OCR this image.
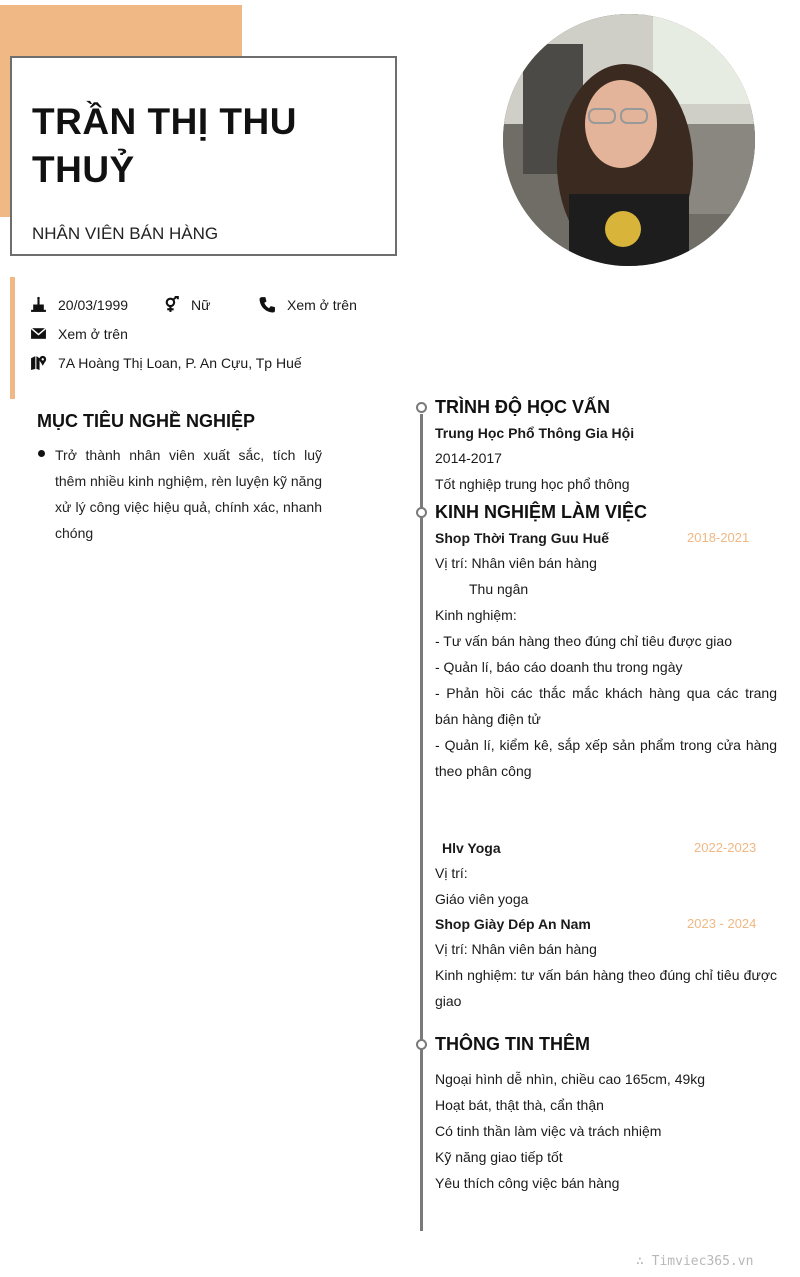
TRẦN THỊ THU THUỶ
NHÂN VIÊN BÁN HÀNG
20/03/1999	Nữ	Xem ở trên
Xem ở trên
7A Hoàng Thị Loan, P. An Cựu, Tp Huế
MỤC TIÊU NGHỀ NGHIỆP
Trở thành nhân viên xuất sắc, tích luỹ thêm nhiều kinh nghiệm, rèn luyện kỹ năng xử lý công việc hiệu quả, chính xác, nhanh chóng
TRÌNH ĐỘ HỌC VẤN
Trung Học Phổ Thông Gia Hội
2014-2017
Tốt nghiệp trung học phổ thông
KINH NGHIỆM LÀM VIỆC
Shop Thời Trang Guu Huế	2018-2021
Vị trí: Nhân viên bán hàng
Thu ngân
Kinh nghiệm:
- Tư vấn bán hàng theo đúng chỉ tiêu được giao
- Quản lí, báo cáo doanh thu trong ngày
- Phản hồi các thắc mắc khách hàng qua các trang bán hàng điện tử
- Quản lí, kiểm kê, sắp xếp sản phẩm trong cửa hàng theo phân công
Hlv Yoga	2022-2023
Vị trí:
Giáo viên yoga
Shop Giày Dép An Nam	2023 - 2024
Vị trí: Nhân viên bán hàng
Kinh nghiệm: tư vấn bán hàng theo đúng chỉ tiêu được giao
THÔNG TIN THÊM
Ngoại hình dễ nhìn, chiều cao 165cm, 49kg
Hoạt bát, thật thà, cẩn thận
Có tinh thần làm việc và trách nhiệm
Kỹ năng giao tiếp tốt
Yêu thích công việc bán hàng
∴ Timviec365.vn
